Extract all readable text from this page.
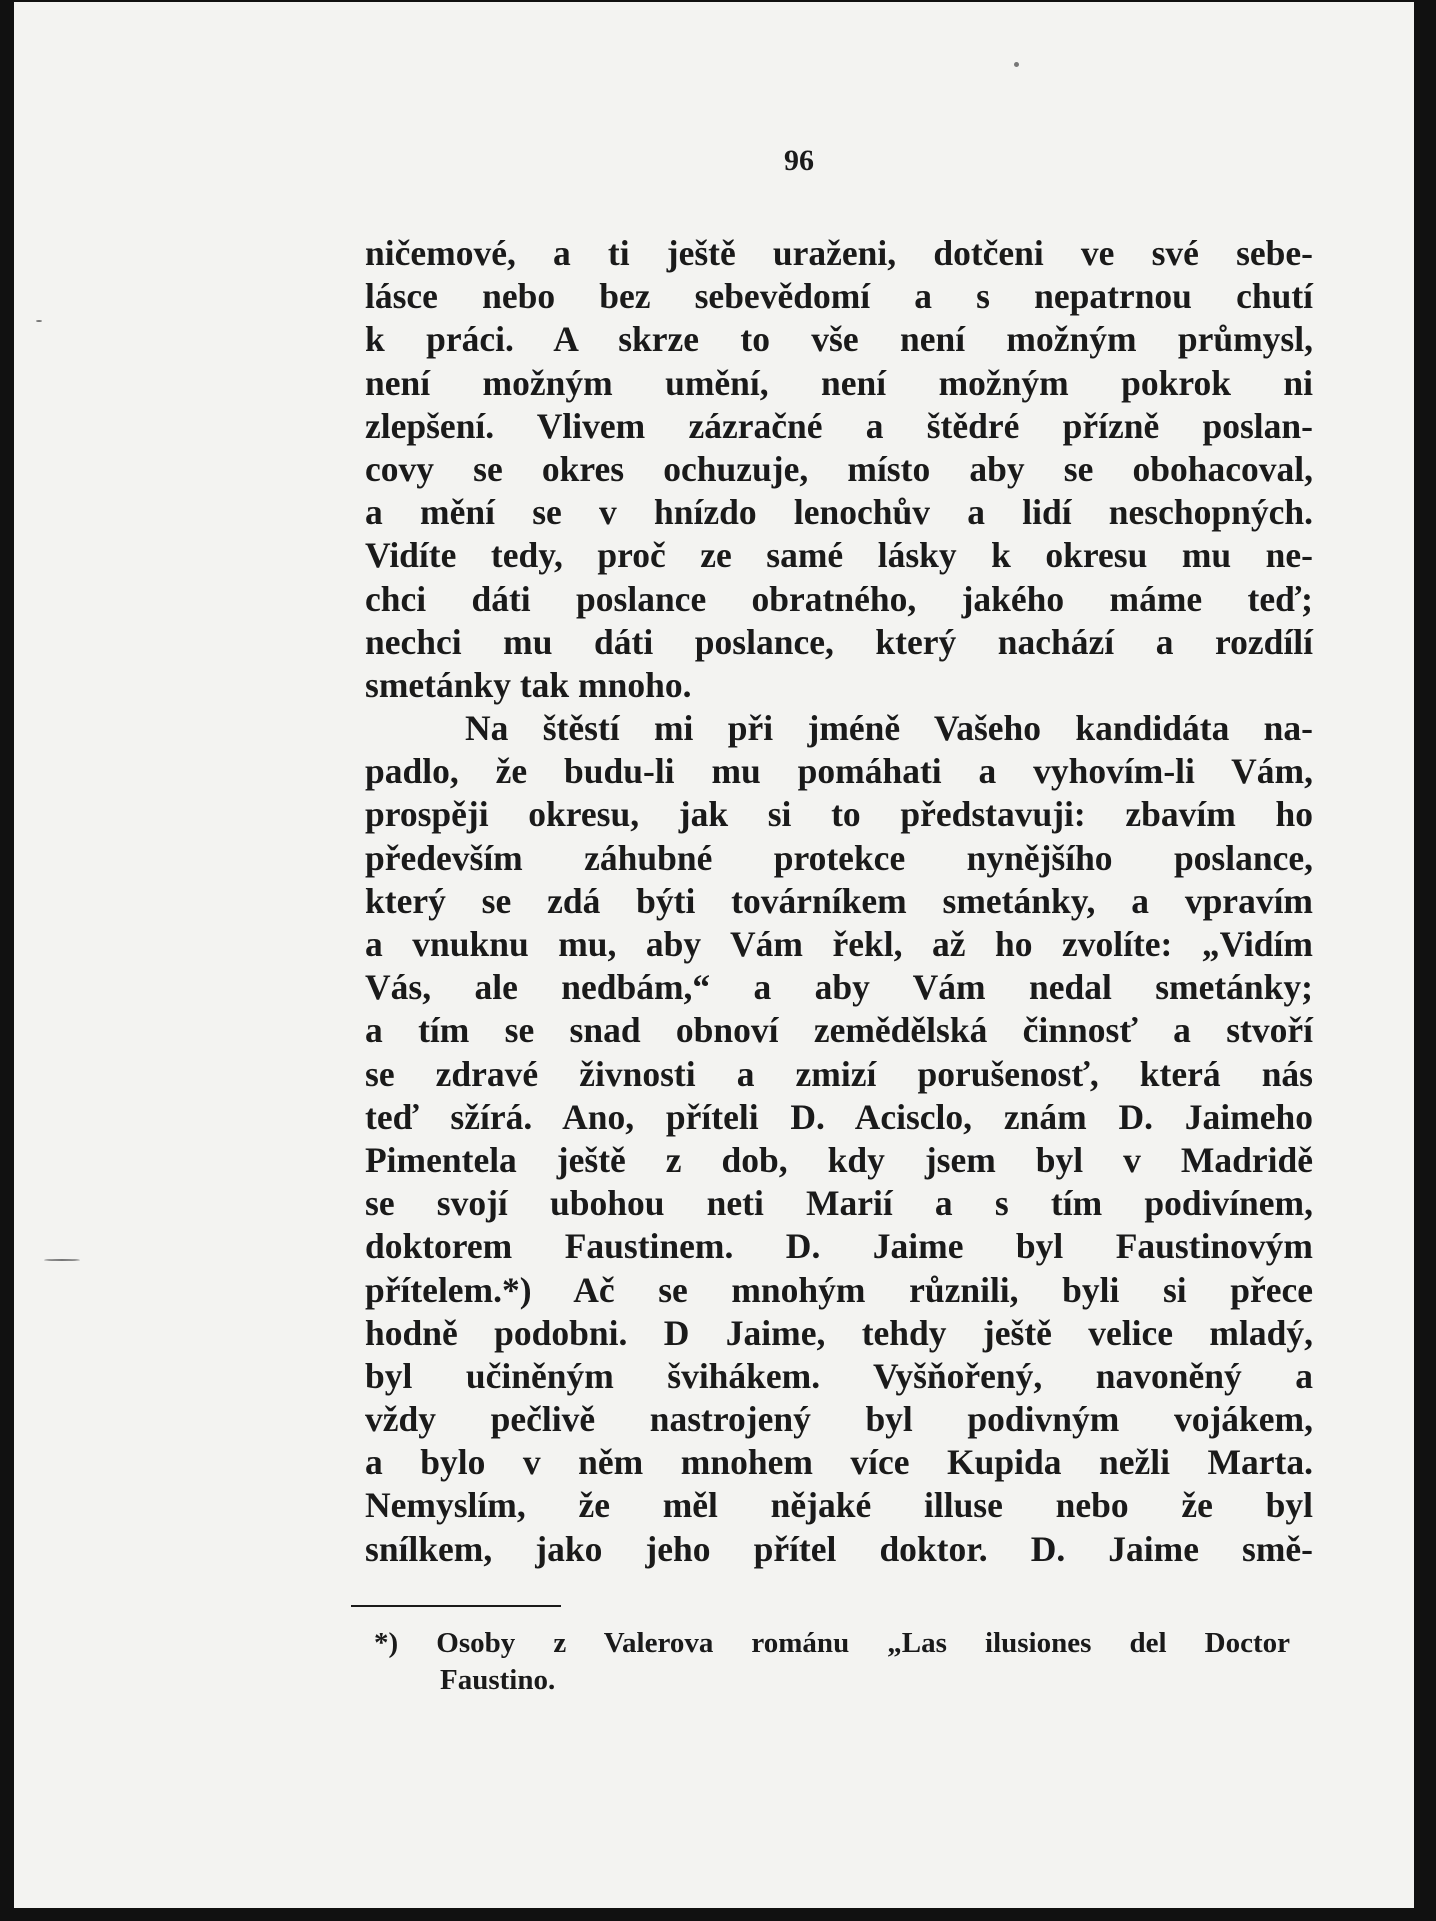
96
ničemové, a ti ještě uraženi, dotčeni ve své sebe-
lásce nebo bez sebevědomí a s nepatrnou chutí
k práci. A skrze to vše není možným průmysl,
není možným umění, není možným pokrok ni
zlepšení. Vlivem zázračné a štědré přízně poslan-
covy se okres ochuzuje, místo aby se obohacoval,
a mění se v hnízdo lenochův a lidí neschopných.
Vidíte tedy, proč ze samé lásky k okresu mu ne-
chci dáti poslance obratného, jakého máme teď;
nechci mu dáti poslance, který nachází a rozdílí
smetánky tak mnoho.
Na štěstí mi při jméně Vašeho kandidáta na-
padlo, že budu-li mu pomáhati a vyhovím-li Vám,
prospěji okresu, jak si to představuji: zbavím ho
především záhubné protekce nynějšího poslance,
který se zdá býti továrníkem smetánky, a vpravím
a vnuknu mu, aby Vám řekl, až ho zvolíte: „Vidím
Vás, ale nedbám,“ a aby Vám nedal smetánky;
a tím se snad obnoví zemědělská činnosť a stvoří
se zdravé živnosti a zmizí porušenosť, která nás
teď sžírá. Ano, příteli D. Acisclo, znám D. Jaimeho
Pimentela ještě z dob, kdy jsem byl v Madridě
se svojí ubohou neti Marií a s tím podivínem,
doktorem Faustinem. D. Jaime byl Faustinovým
přítelem.*) Ač se mnohým různili, byli si přece
hodně podobni. D Jaime, tehdy ještě velice mladý,
byl učiněným švihákem. Vyšňořený, navoněný a
vždy pečlivě nastrojený byl podivným vojákem,
a bylo v něm mnohem více Kupida nežli Marta.
Nemyslím, že měl nějaké illuse nebo že byl
snílkem, jako jeho přítel doktor. D. Jaime smě-
*) Osoby z Valerova románu „Las ilusiones del Doctor
Faustino.
